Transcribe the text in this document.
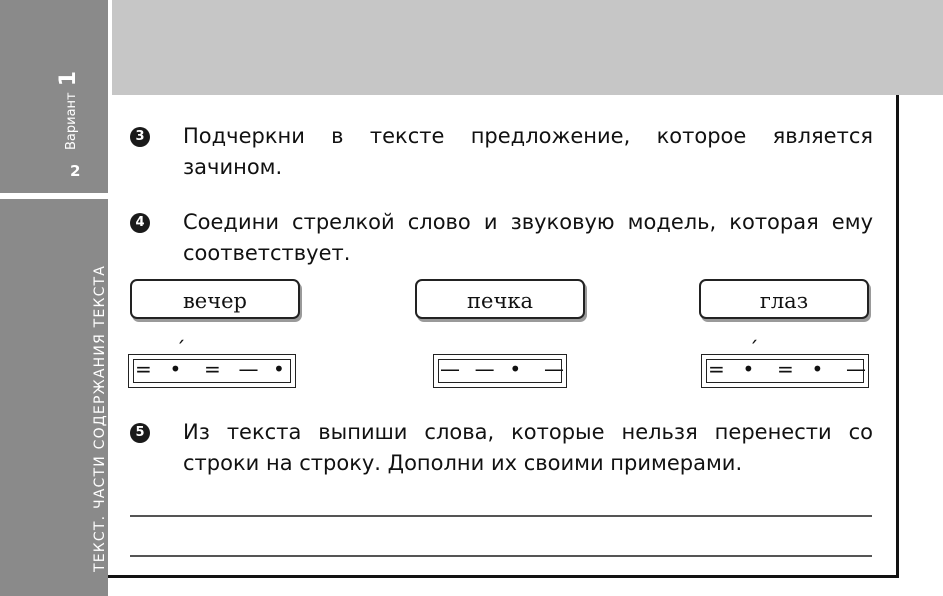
Вариант 1
2
ТЕКСТ. ЧАСТИ СОДЕРЖАНИЯ ТЕКСТА
3 Подчеркни в тексте предложение, которое является зачином.
4 Соедини стрелкой слово и звуковую модель, которая ему соответствует.
вечер	печка	глаз
= •
´
= — •	— — • —	= •
´
= • —
5 Из текста выпиши слова, которые нельзя перенести со строки на строку. Дополни их своими примерами.
